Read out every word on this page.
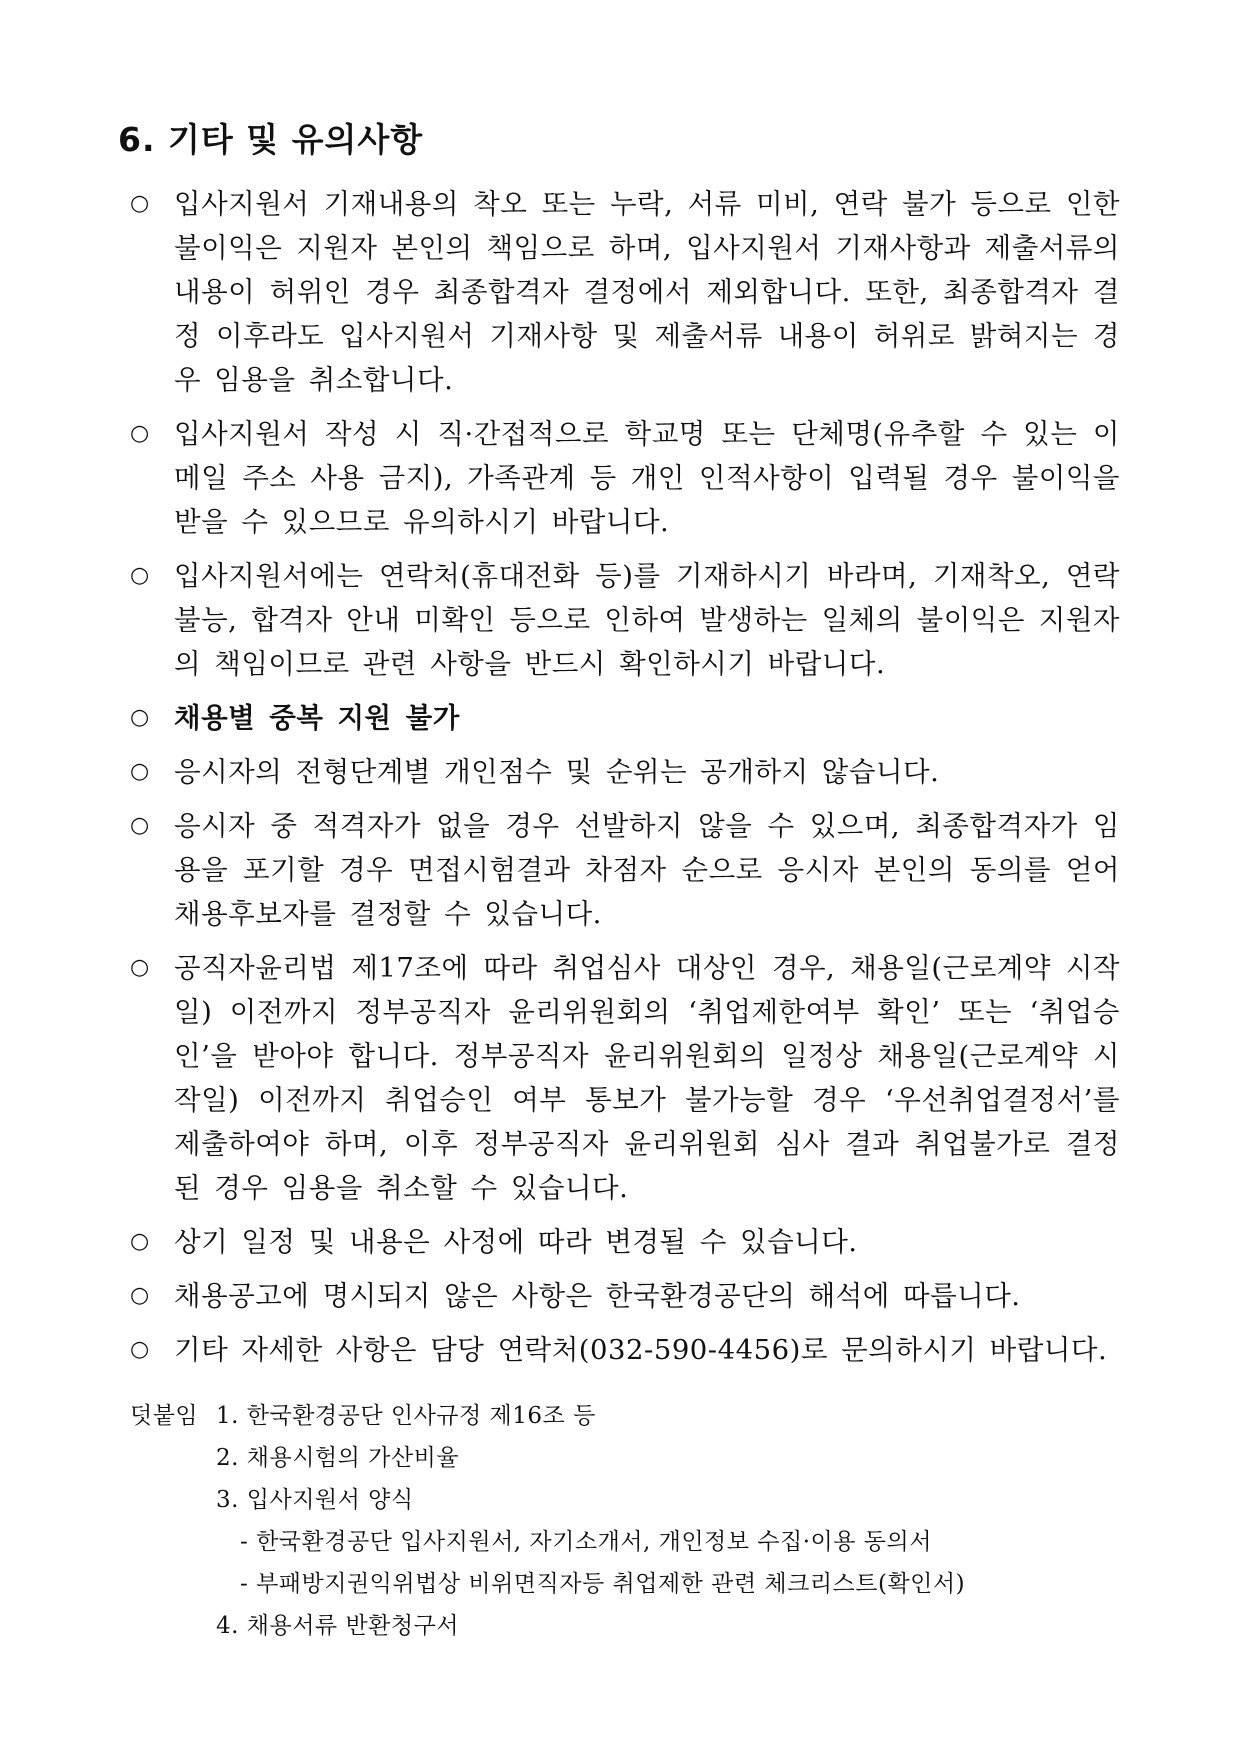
6. 기타 및 유의사항
○ 입사지원서 기재내용의 착오 또는 누락, 서류 미비, 연락 불가 등으로 인한 불이익은 지원자 본인의 책임으로 하며, 입사지원서 기재사항과 제출서류의 내용이 허위인 경우 최종합격자 결정에서 제외합니다. 또한, 최종합격자 결정 이후라도 입사지원서 기재사항 및 제출서류 내용이 허위로 밝혀지는 경우 임용을 취소합니다.
○ 입사지원서 작성 시 직·간접적으로 학교명 또는 단체명(유추할 수 있는 이메일 주소 사용 금지), 가족관계 등 개인 인적사항이 입력될 경우 불이익을 받을 수 있으므로 유의하시기 바랍니다.
○ 입사지원서에는 연락처(휴대전화 등)를 기재하시기 바라며, 기재착오, 연락불능, 합격자 안내 미확인 등으로 인하여 발생하는 일체의 불이익은 지원자의 책임이므로 관련 사항을 반드시 확인하시기 바랍니다.
○ 채용별 중복 지원 불가
○ 응시자의 전형단계별 개인점수 및 순위는 공개하지 않습니다.
○ 응시자 중 적격자가 없을 경우 선발하지 않을 수 있으며, 최종합격자가 임용을 포기할 경우 면접시험결과 차점자 순으로 응시자 본인의 동의를 얻어 채용후보자를 결정할 수 있습니다.
○ 공직자윤리법 제17조에 따라 취업심사 대상인 경우, 채용일(근로계약 시작일) 이전까지 정부공직자 윤리위원회의 ‘취업제한여부 확인’ 또는 ‘취업승인’을 받아야 합니다. 정부공직자 윤리위원회의 일정상 채용일(근로계약 시작일) 이전까지 취업승인 여부 통보가 불가능할 경우 ‘우선취업결정서’를 제출하여야 하며, 이후 정부공직자 윤리위원회 심사 결과 취업불가로 결정된 경우 임용을 취소할 수 있습니다.
○ 상기 일정 및 내용은 사정에 따라 변경될 수 있습니다.
○ 채용공고에 명시되지 않은 사항은 한국환경공단의 해석에 따릅니다.
○ 기타 자세한 사항은 담당 연락처(032-590-4456)로 문의하시기 바랍니다.
덧붙임 1. 한국환경공단 인사규정 제16조 등
2. 채용시험의 가산비율
3. 입사지원서 양식
- 한국환경공단 입사지원서, 자기소개서, 개인정보 수집·이용 동의서
- 부패방지권익위법상 비위면직자등 취업제한 관련 체크리스트(확인서)
4. 채용서류 반환청구서
